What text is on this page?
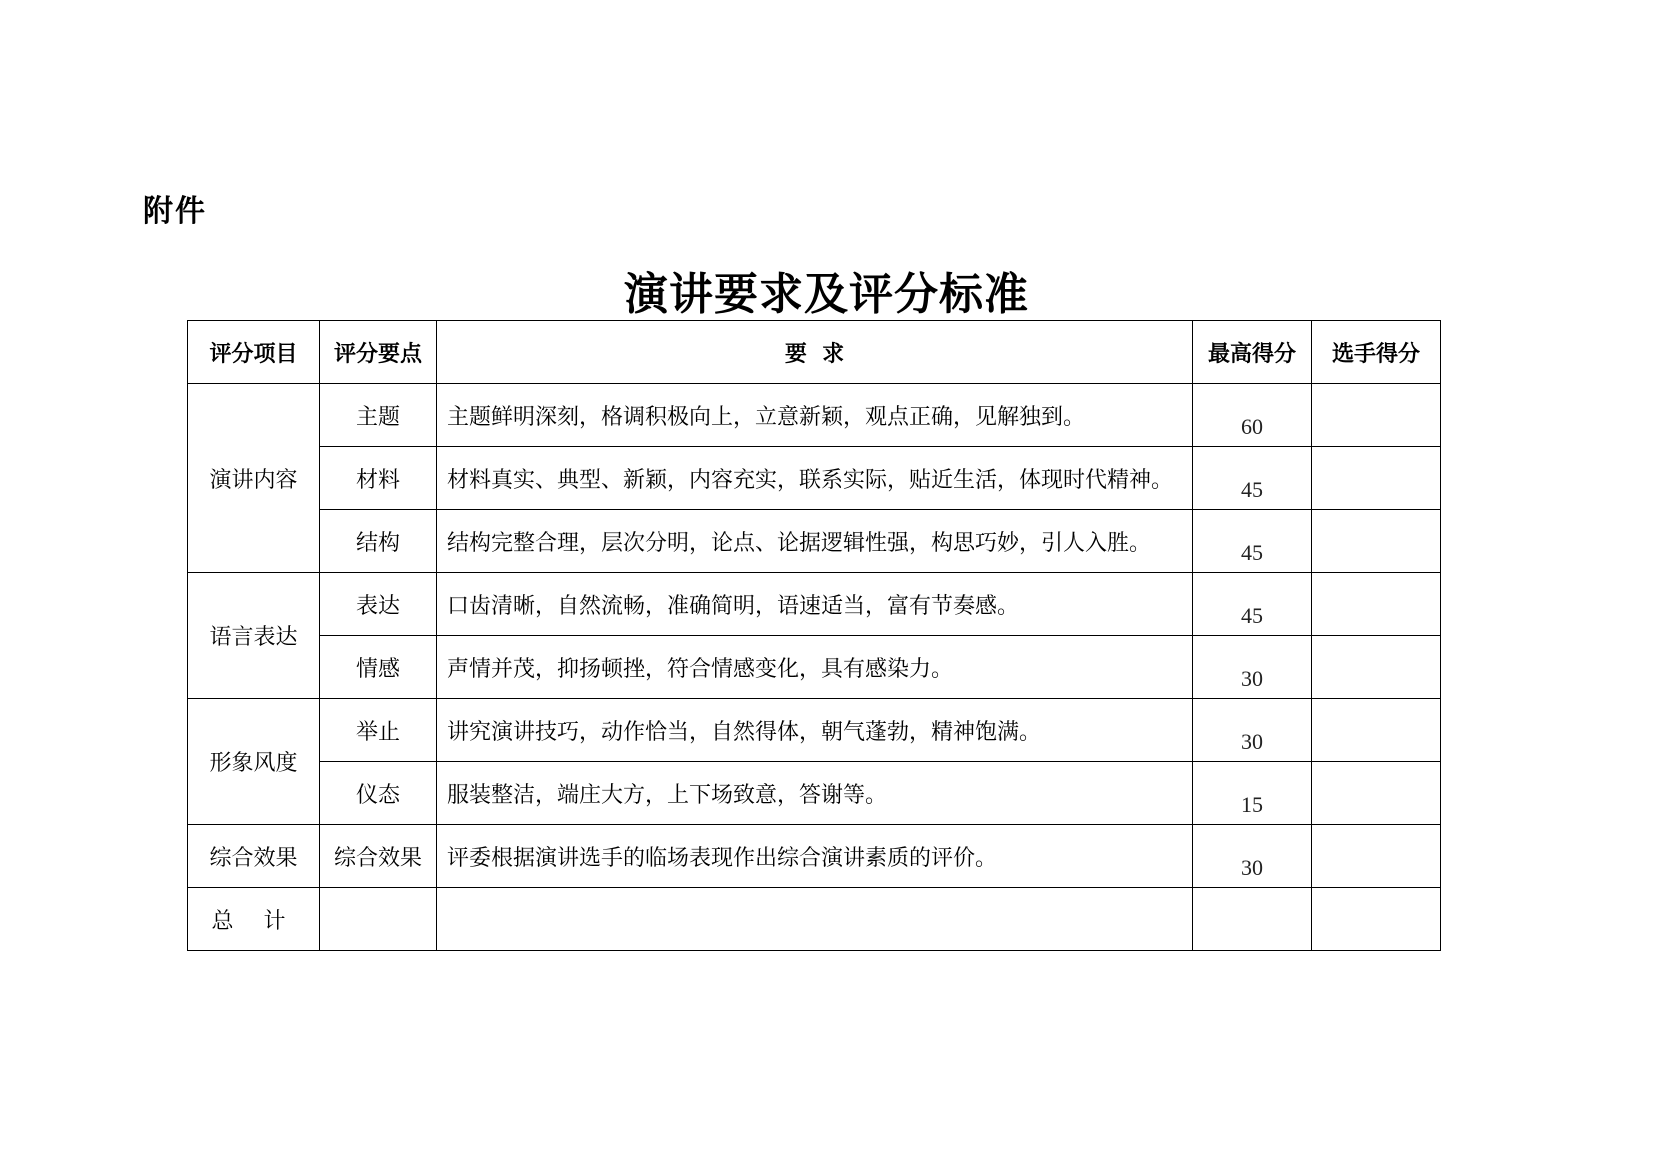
附件
演讲要求及评分标准
评分项目	评分要点	要  求	最高得分	选手得分
演讲内容	主题	主题鲜明深刻，格调积极向上，立意新颖，观点正确，见解独到。	60	
	材料	材料真实、典型、新颖，内容充实，联系实际，贴近生活，体现时代精神。	45	
	结构	结构完整合理，层次分明，论点、论据逻辑性强，构思巧妙，引人入胜。	45	
语言表达	表达	口齿清晰，自然流畅，准确简明，语速适当，富有节奏感。	45	
	情感	声情并茂，抑扬顿挫，符合情感变化，具有感染力。	30	
形象风度	举止	讲究演讲技巧，动作恰当，自然得体，朝气蓬勃，精神饱满。	30	
	仪态	服装整洁，端庄大方，上下场致意，答谢等。	15	
综合效果	综合效果	评委根据演讲选手的临场表现作出综合演讲素质的评价。	30	
总计				
